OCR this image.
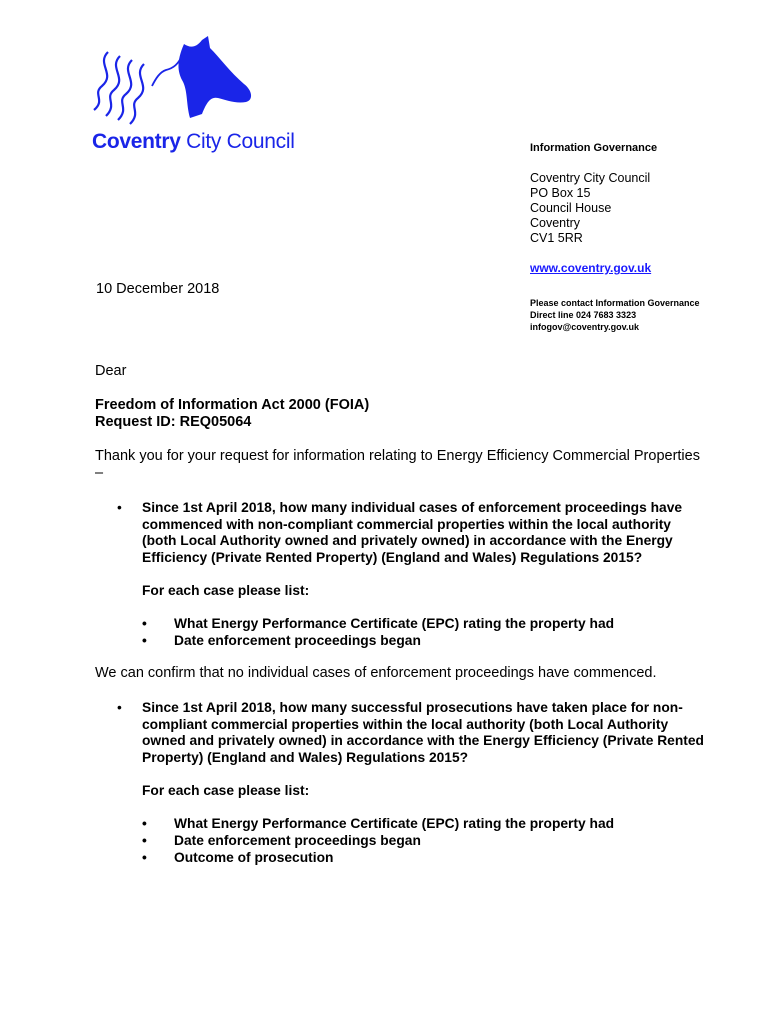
Coventry City Council	Information Governance
Coventry City Council
PO Box 15
Council House
Coventry
CV1 5RR
www.coventry.gov.uk
Please contact Information Governance
Direct line 024 7683 3323
infogov@coventry.gov.uk
10 December 2018

Dear

Freedom of Information Act 2000 (FOIA)
Request ID: REQ05064

Thank you for your request for information relating to Energy Efficiency Commercial Properties –

• Since 1st April 2018, how many individual cases of enforcement proceedings have commenced with non-compliant commercial properties within the local authority (both Local Authority owned and privately owned) in accordance with the Energy Efficiency (Private Rented Property) (England and Wales) Regulations 2015?

For each case please list:

• What Energy Performance Certificate (EPC) rating the property had
• Date enforcement proceedings began

We can confirm that no individual cases of enforcement proceedings have commenced.

• Since 1st April 2018, how many successful prosecutions have taken place for non-compliant commercial properties within the local authority (both Local Authority owned and privately owned) in accordance with the Energy Efficiency (Private Rented Property) (England and Wales) Regulations 2015?

For each case please list:

• What Energy Performance Certificate (EPC) rating the property had
• Date enforcement proceedings began
• Outcome of prosecution
